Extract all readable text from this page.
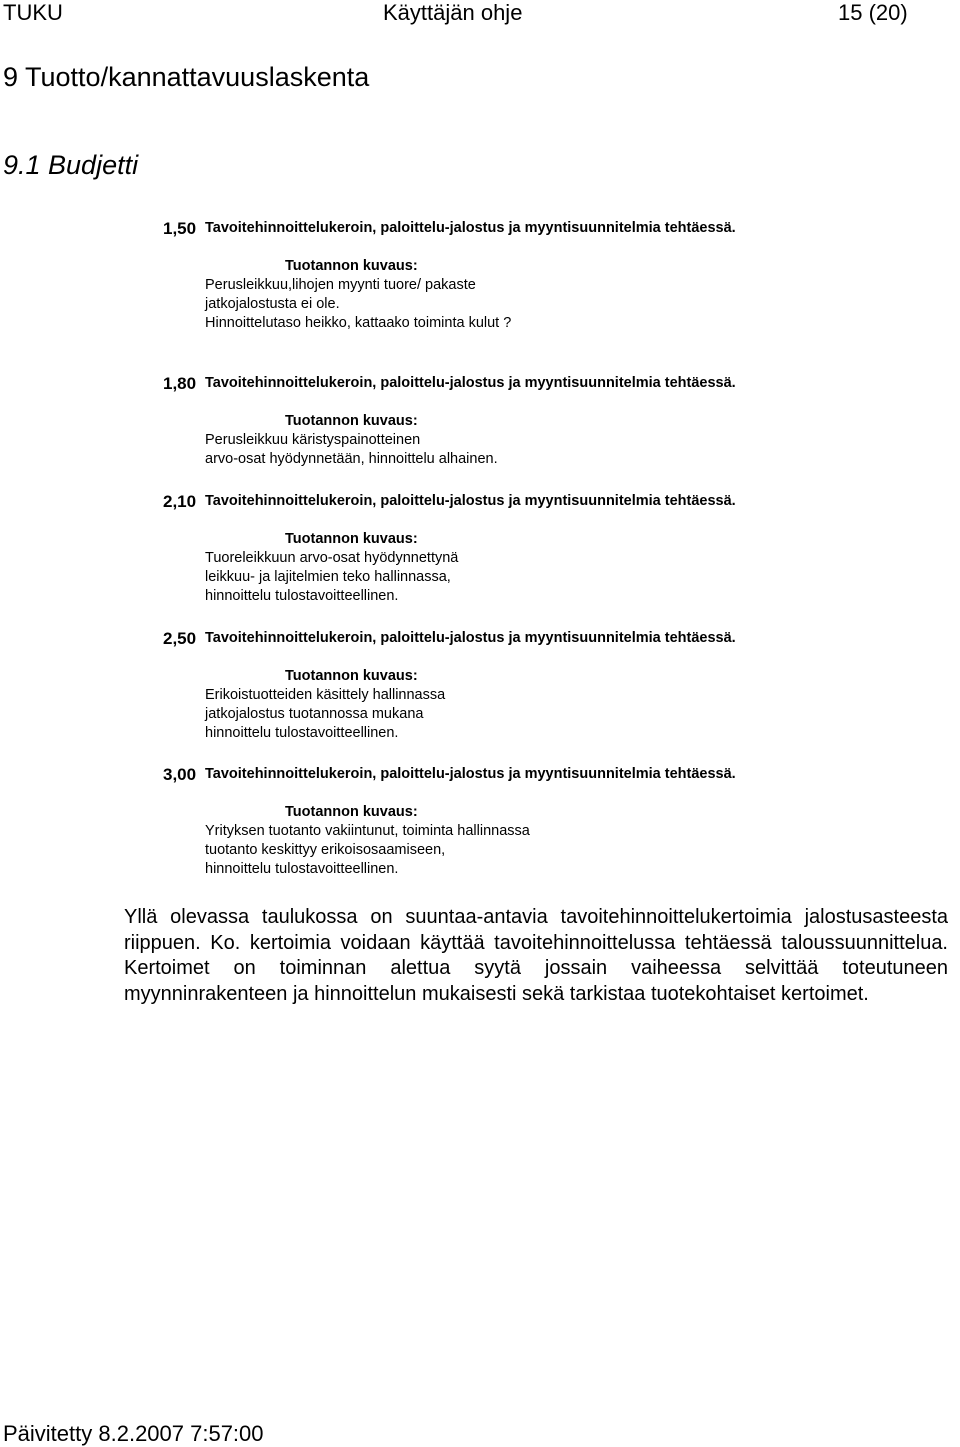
TUKU	Käyttäjän ohje	15 (20)
9 Tuotto/kannattavuuslaskenta
9.1 Budjetti
1,50 Tavoitehinnoittelukeroin, paloittelu-jalostus ja myyntisuunnitelmia tehtäessä.
Tuotannon kuvaus:
Perusleikkuu,lihojen myynti tuore/ pakaste
jatkojalostusta ei ole.
Hinnoittelutaso heikko, kattaako toiminta kulut ?
1,80 Tavoitehinnoittelukeroin, paloittelu-jalostus ja myyntisuunnitelmia tehtäessä.
Tuotannon kuvaus:
Perusleikkuu käristyspainotteinen
arvo-osat hyödynnetään, hinnoittelu alhainen.
2,10 Tavoitehinnoittelukeroin, paloittelu-jalostus ja myyntisuunnitelmia tehtäessä.
Tuotannon kuvaus:
Tuoreleikkuun arvo-osat hyödynnettynä
leikkuu- ja lajitelmien teko hallinnassa,
hinnoittelu tulostavoitteellinen.
2,50 Tavoitehinnoittelukeroin, paloittelu-jalostus ja myyntisuunnitelmia tehtäessä.
Tuotannon kuvaus:
Erikoistuotteiden käsittely hallinnassa
jatkojalostus tuotannossa mukana
hinnoittelu tulostavoitteellinen.
3,00 Tavoitehinnoittelukeroin, paloittelu-jalostus ja myyntisuunnitelmia tehtäessä.
Tuotannon kuvaus:
Yrityksen tuotanto vakiintunut, toiminta hallinnassa
tuotanto keskittyy erikoisosaamiseen,
hinnoittelu tulostavoitteellinen.

Yllä olevassa taulukossa on suuntaa-antavia tavoitehinnoittelukertoimia jalostusasteesta riippuen. Ko. kertoimia voidaan käyttää tavoitehinnoittelussa tehtäessä taloussuunnittelua. Kertoimet on toiminnan alettua syytä jossain vaiheessa selvittää toteutuneen myynninrakenteen ja hinnoittelun mukaisesti sekä tarkistaa tuotekohtaiset kertoimet.

Päivitetty 8.2.2007 7:57:00
